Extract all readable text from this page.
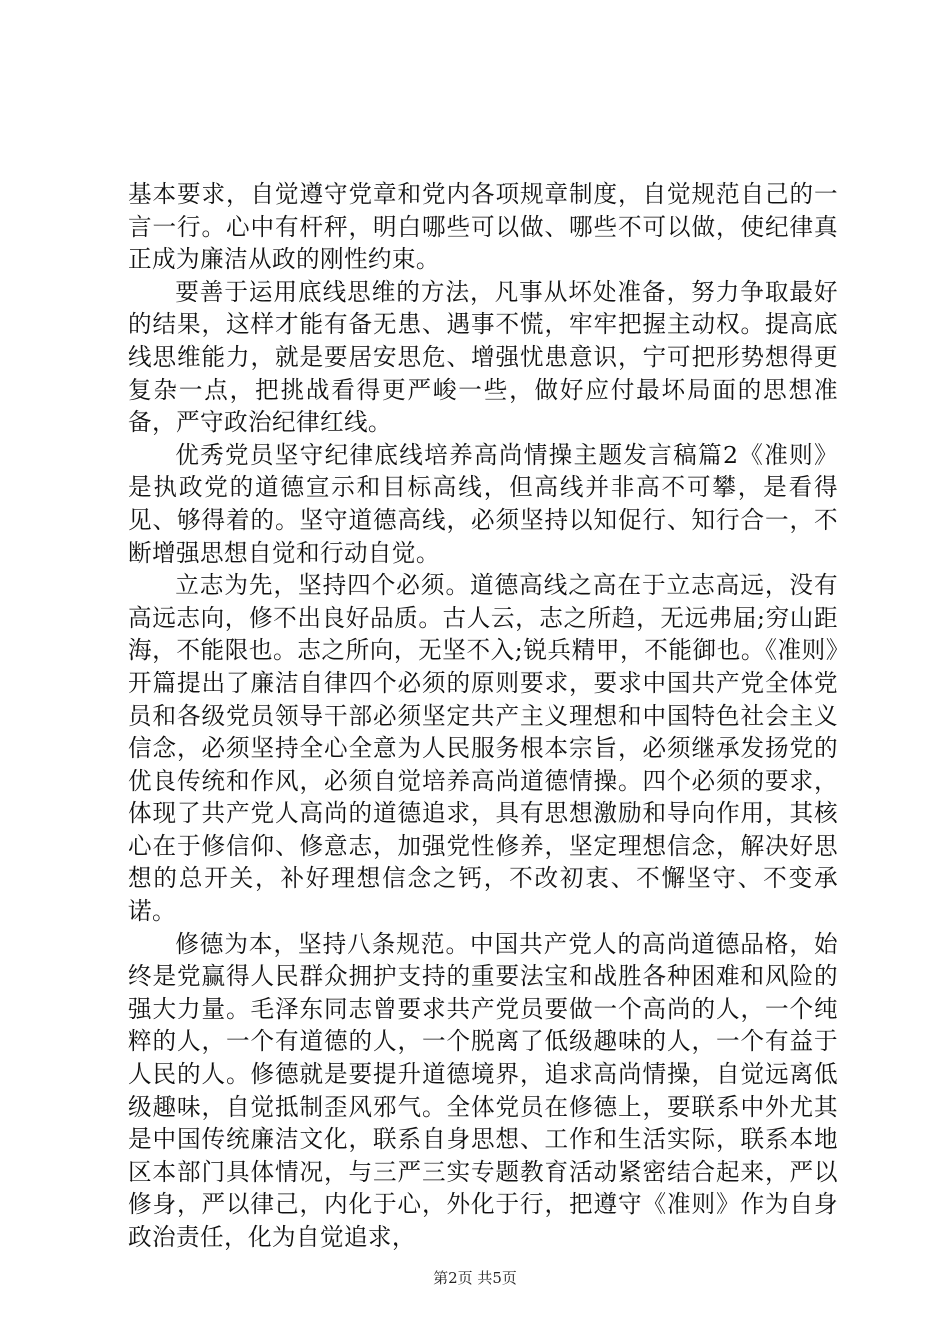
基本要求，自觉遵守党章和党内各项规章制度，自觉规范自己的一言一行。心中有杆秤，明白哪些可以做、哪些不可以做，使纪律真正成为廉洁从政的刚性约束。

要善于运用底线思维的方法，凡事从坏处准备，努力争取最好的结果，这样才能有备无患、遇事不慌，牢牢把握主动权。提高底线思维能力，就是要居安思危、增强忧患意识，宁可把形势想得更复杂一点，把挑战看得更严峻一些，做好应付最坏局面的思想准备，严守政治纪律红线。

优秀党员坚守纪律底线培养高尚情操主题发言稿篇2《准则》是执政党的道德宣示和目标高线，但高线并非高不可攀，是看得见、够得着的。坚守道德高线，必须坚持以知促行、知行合一，不断增强思想自觉和行动自觉。

立志为先，坚持四个必须。道德高线之高在于立志高远，没有高远志向，修不出良好品质。古人云，志之所趋，无远弗届;穷山距海，不能限也。志之所向，无坚不入;锐兵精甲，不能御也。《准则》开篇提出了廉洁自律四个必须的原则要求，要求中国共产党全体党员和各级党员领导干部必须坚定共产主义理想和中国特色社会主义信念，必须坚持全心全意为人民服务根本宗旨，必须继承发扬党的优良传统和作风，必须自觉培养高尚道德情操。四个必须的要求，体现了共产党人高尚的道德追求，具有思想激励和导向作用，其核心在于修信仰、修意志，加强党性修养，坚定理想信念，解决好思想的总开关，补好理想信念之钙，不改初衷、不懈坚守、不变承诺。

修德为本，坚持八条规范。中国共产党人的高尚道德品格，始终是党赢得人民群众拥护支持的重要法宝和战胜各种困难和风险的强大力量。毛泽东同志曾要求共产党员要做一个高尚的人，一个纯粹的人，一个有道德的人，一个脱离了低级趣味的人，一个有益于人民的人。修德就是要提升道德境界，追求高尚情操，自觉远离低级趣味，自觉抵制歪风邪气。全体党员在修德上，要联系中外尤其是中国传统廉洁文化，联系自身思想、工作和生活实际，联系本地区本部门具体情况，与三严三实专题教育活动紧密结合起来，严以修身，严以律己，内化于心，外化于行，把遵守《准则》作为自身政治责任，化为自觉追求，

第2页 共5页
